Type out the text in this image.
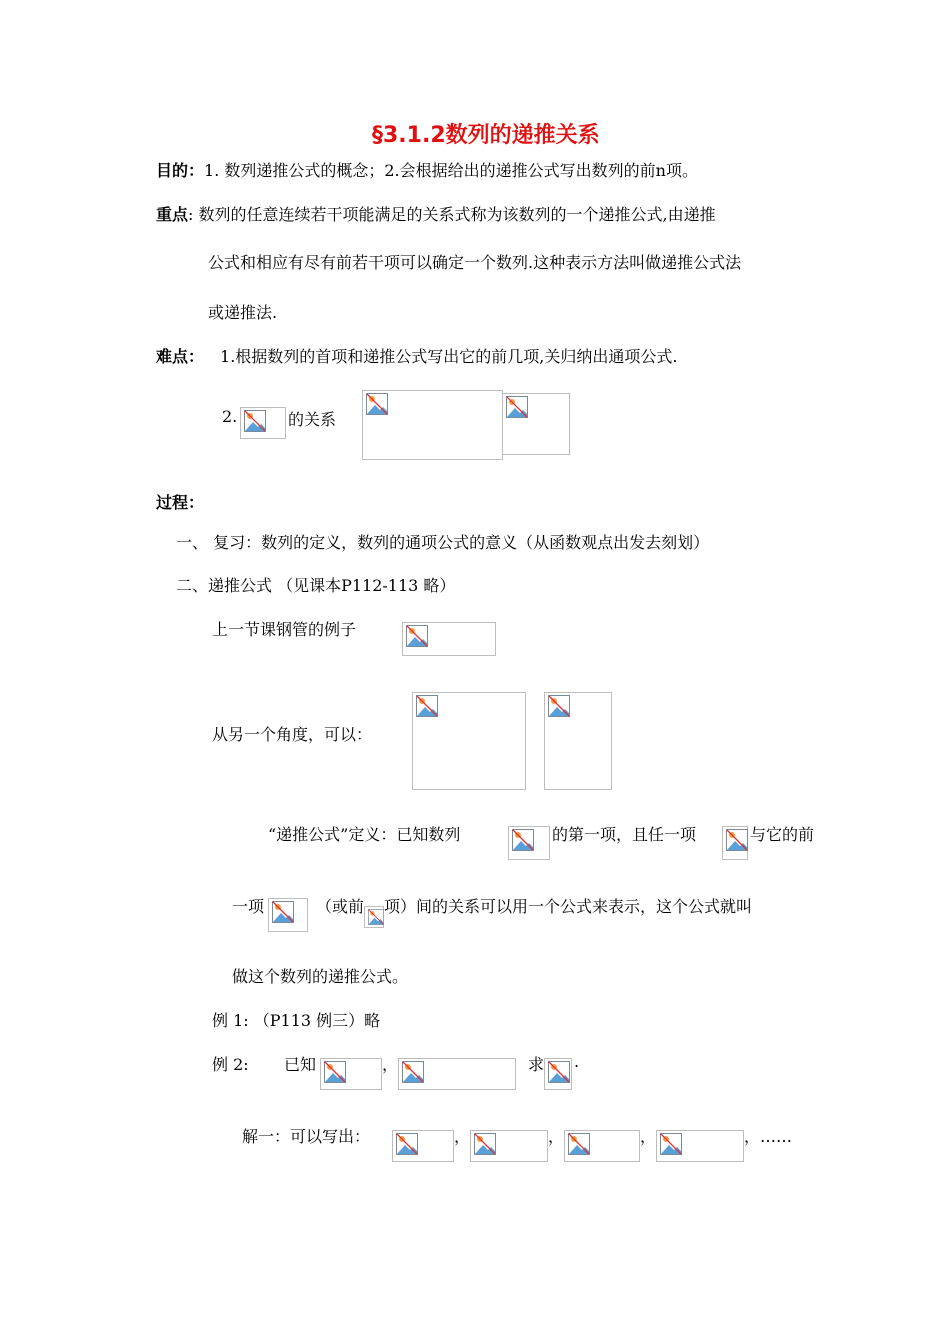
§3.1.2数列的递推关系
目的：1. 数列递推公式的概念；2.会根据给出的递推公式写出数列的前n项。
重点: 数列的任意连续若干项能满足的关系式称为该数列的一个递推公式,由递推
公式和相应有尽有前若干项可以确定一个数列.这种表示方法叫做递推公式法
或递推法.
难点： 1.根据数列的首项和递推公式写出它的前几项,关归纳出通项公式.
2.	的关系
过程：
一、 复习：数列的定义，数列的通项公式的意义（从函数观点出发去刻划）
二、递推公式 （见课本P112-113 略）
上一节课钢管的例子
从另一个角度，可以：
“递推公式”定义：已知数列	的第一项，且任一项	与它的前
一项	（或前 项）间的关系可以用一个公式来表示，这个公式就叫
做这个数列的递推公式。
例 1: （P113 例三）略
例 2: 已知	，	求 .
解一：可以写出：	，	，	，	，……
